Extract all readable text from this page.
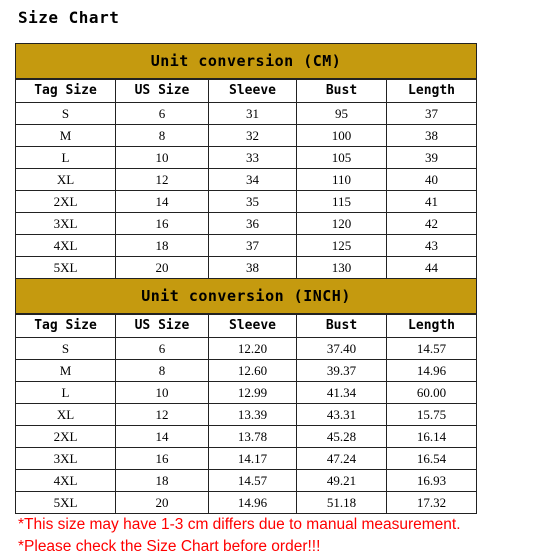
Size Chart
Unit conversion (CM)				
Tag Size	US Size	Sleeve	Bust	Length
S	6	31	95	37
M	8	32	100	38
L	10	33	105	39
XL	12	34	110	40
2XL	14	35	115	41
3XL	16	36	120	42
4XL	18	37	125	43
5XL	20	38	130	44
Unit conversion (INCH)				
Tag Size	US Size	Sleeve	Bust	Length
S	6	12.20	37.40	14.57
M	8	12.60	39.37	14.96
L	10	12.99	41.34	60.00
XL	12	13.39	43.31	15.75
2XL	14	13.78	45.28	16.14
3XL	16	14.17	47.24	16.54
4XL	18	14.57	49.21	16.93
5XL	20	14.96	51.18	17.32
*This size may have 1-3 cm differs due to manual measurement.
*Please check the Size Chart before order!!!
